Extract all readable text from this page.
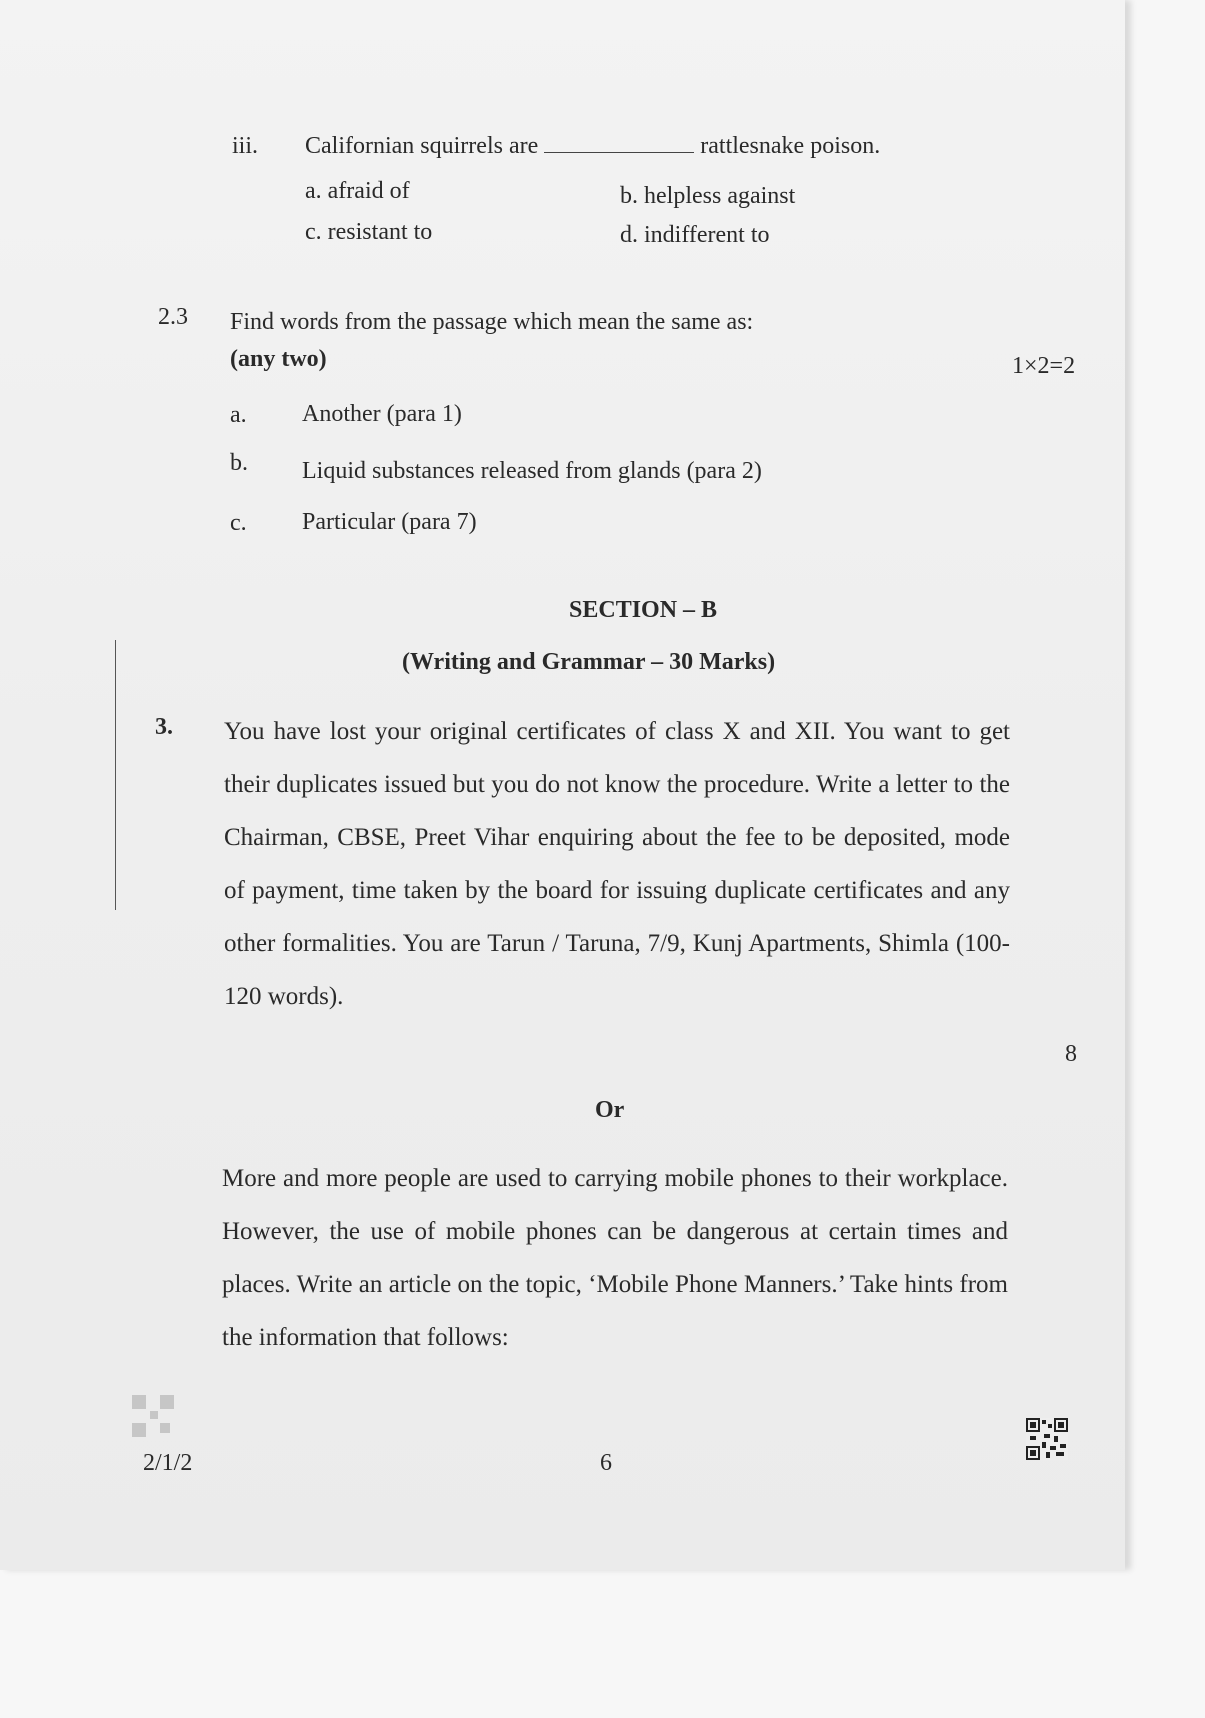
iii. Californian squirrels are	rattlesnake poison.
a. afraid of	b. helpless against
c. resistant to	d. indifferent to
2.3 Find words from the passage which mean the same as:
(any two)	1×2=2
a. Another (para 1)
b. Liquid substances released from glands (para 2)
c. Particular (para 7)
SECTION – B
(Writing and Grammar – 30 Marks)
3. You have lost your original certificates of class X and XII. You want to get their duplicates issued but you do not know the procedure. Write a letter to the Chairman, CBSE, Preet Vihar enquiring about the fee to be deposited, mode of payment, time taken by the board for issuing duplicate certificates and any other formalities. You are Tarun / Taruna, 7/9, Kunj Apartments, Shimla (100-120 words).
8
Or
More and more people are used to carrying mobile phones to their workplace. However, the use of mobile phones can be dangerous at certain times and places. Write an article on the topic, ‘Mobile Phone Manners.’ Take hints from the information that follows:
2/1/2	6
